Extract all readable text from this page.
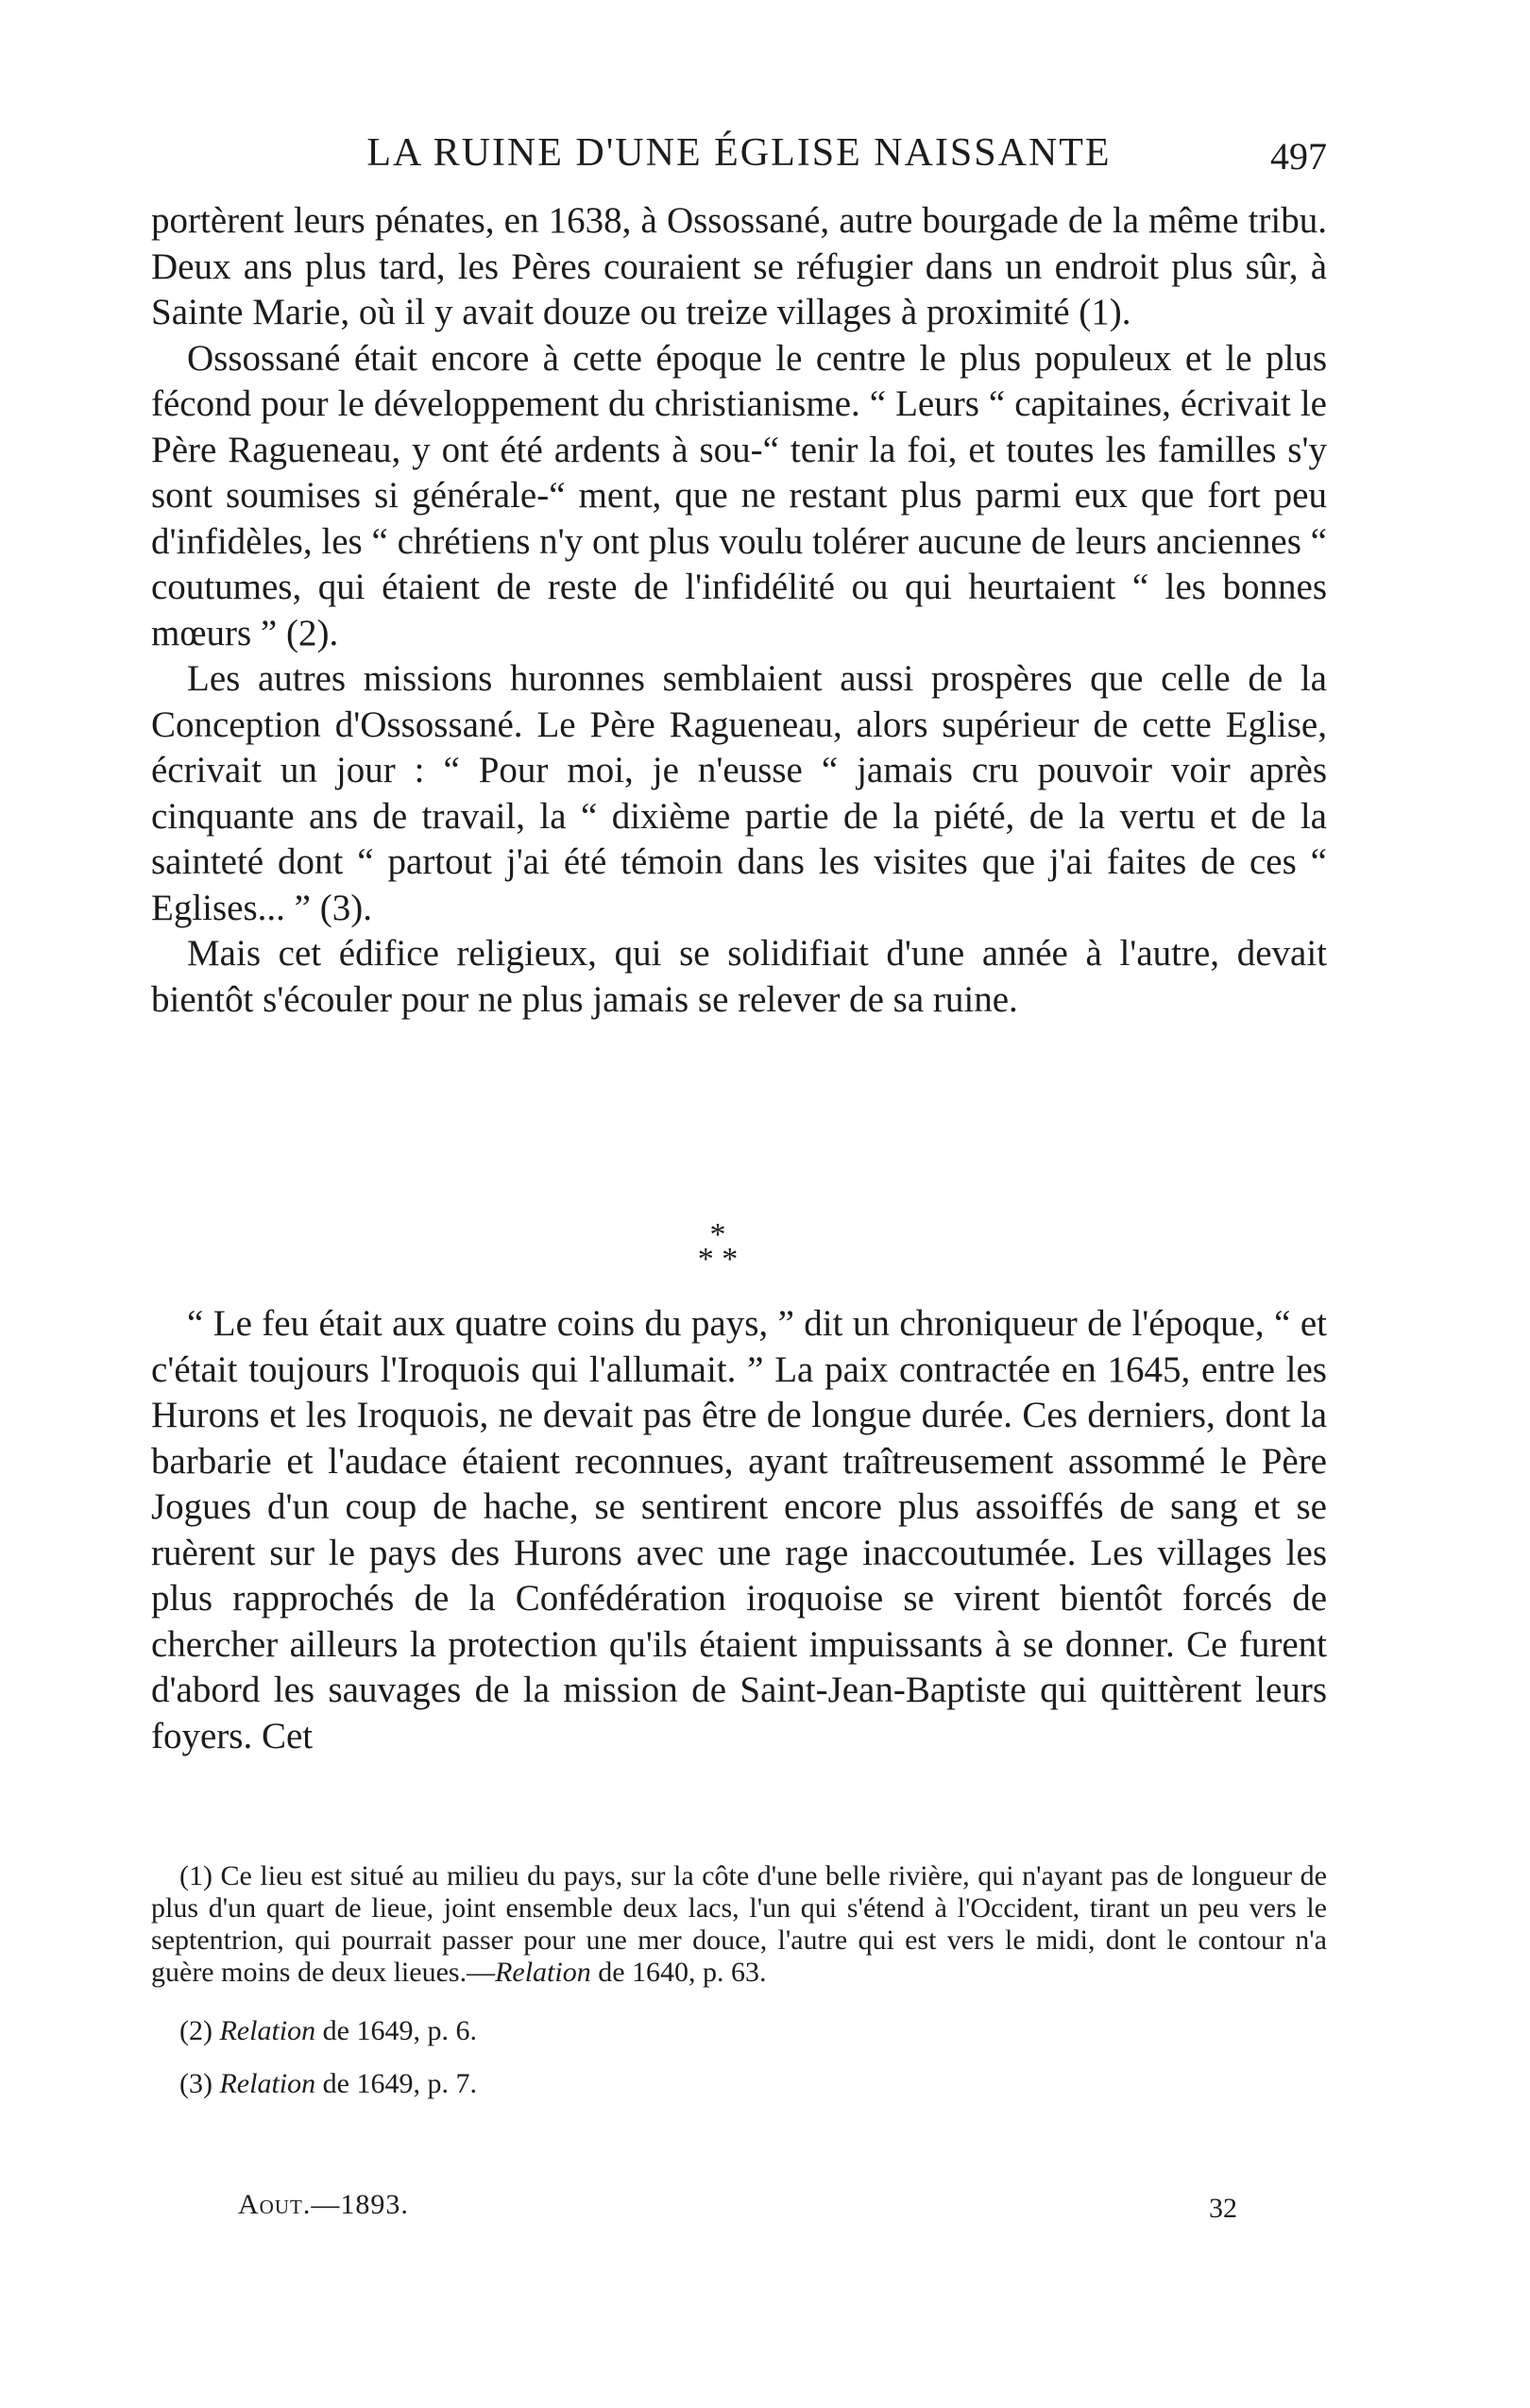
LA RUINE D'UNE ÉGLISE NAISSANTE	497

portèrent leurs pénates, en 1638, à Ossossané, autre bourgade de la même tribu. Deux ans plus tard, les Pères couraient se réfugier dans un endroit plus sûr, à Sainte Marie, où il y avait douze ou treize villages à proximité (1).

Ossossané était encore à cette époque le centre le plus populeux et le plus fécond pour le développement du christianisme. “ Leurs “ capitaines, écrivait le Père Ragueneau, y ont été ardents à sou-“ tenir la foi, et toutes les familles s'y sont soumises si générale-“ ment, que ne restant plus parmi eux que fort peu d'infidèles, les “ chrétiens n'y ont plus voulu tolérer aucune de leurs anciennes “ coutumes, qui étaient de reste de l'infidélité ou qui heurtaient “ les bonnes mœurs ” (2).

Les autres missions huronnes semblaient aussi prospères que celle de la Conception d'Ossossané. Le Père Ragueneau, alors supérieur de cette Eglise, écrivait un jour : “ Pour moi, je n'eusse “ jamais cru pouvoir voir après cinquante ans de travail, la “ dixième partie de la piété, de la vertu et de la sainteté dont “ partout j'ai été témoin dans les visites que j'ai faites de ces “ Eglises... ” (3).

Mais cet édifice religieux, qui se solidifiait d'une année à l'autre, devait bientôt s'écouler pour ne plus jamais se relever de sa ruine.

*
* *

“ Le feu était aux quatre coins du pays, ” dit un chroniqueur de l'époque, “ et c'était toujours l'Iroquois qui l'allumait. ” La paix contractée en 1645, entre les Hurons et les Iroquois, ne devait pas être de longue durée. Ces derniers, dont la barbarie et l'audace étaient reconnues, ayant traîtreusement assommé le Père Jogues d'un coup de hache, se sentirent encore plus assoiffés de sang et se ruèrent sur le pays des Hurons avec une rage inaccoutumée. Les villages les plus rapprochés de la Confédération iroquoise se virent bientôt forcés de chercher ailleurs la protection qu'ils étaient impuissants à se donner. Ce furent d'abord les sauvages de la mission de Saint-Jean-Baptiste qui quittèrent leurs foyers. Cet

(1) Ce lieu est situé au milieu du pays, sur la côte d'une belle rivière, qui n'ayant pas de longueur de plus d'un quart de lieue, joint ensemble deux lacs, l'un qui s'étend à l'Occident, tirant un peu vers le septentrion, qui pourrait passer pour une mer douce, l'autre qui est vers le midi, dont le contour n'a guère moins de deux lieues.—Relation de 1640, p. 63.

(2) Relation de 1649, p. 6.

(3) Relation de 1649, p. 7.

Aout.—1893.	32
